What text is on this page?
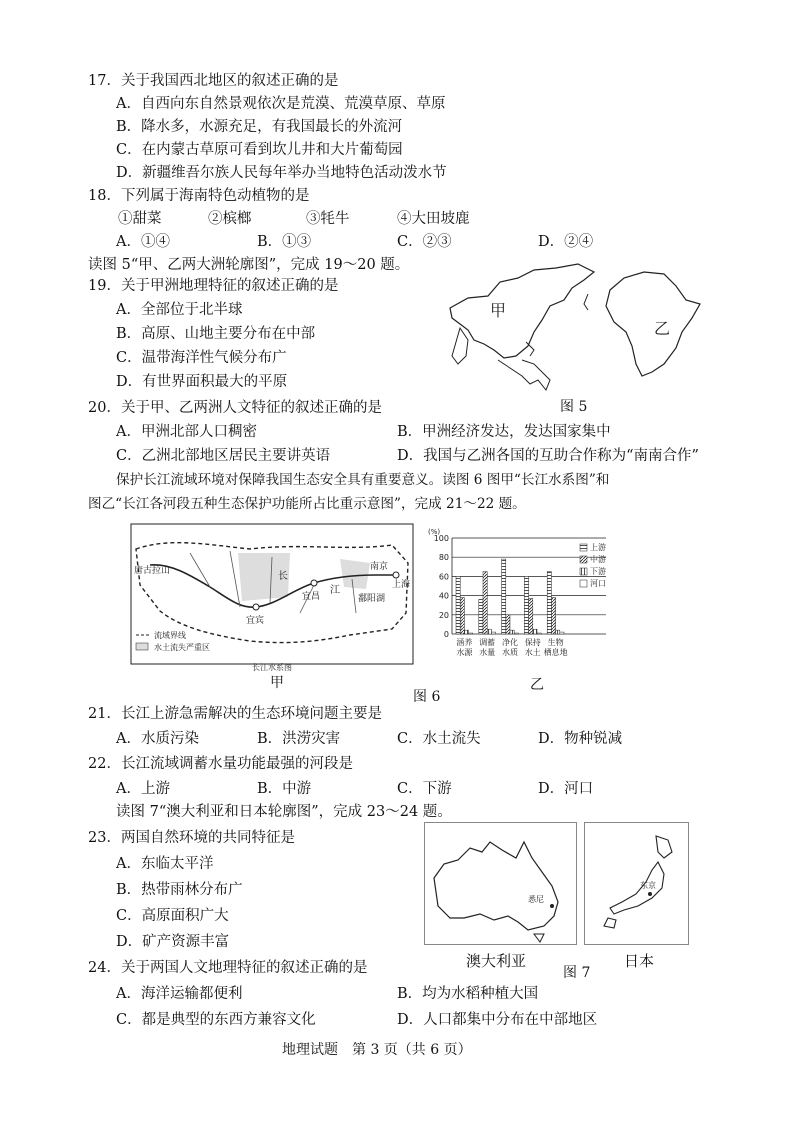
17．关于我国西北地区的叙述正确的是
A．自西向东自然景观依次是荒漠、荒漠草原、草原
B．降水多，水源充足，有我国最长的外流河
C．在内蒙古草原可看到坎儿井和大片葡萄园
D．新疆维吾尔族人民每年举办当地特色活动泼水节
18．下列属于海南特色动植物的是
①甜菜	②槟榔	③牦牛	④大田坡鹿
A．①④	B．①③	C．②③	D．②④
读图 5“甲、乙两大洲轮廓图”，完成 19～20 题。
19．关于甲洲地理特征的叙述正确的是
A．全部位于北半球
B．高原、山地主要分布在中部
C．温带海洋性气候分布广
D．有世界面积最大的平原
甲
乙
图 5
20．关于甲、乙两洲人文特征的叙述正确的是
A．甲洲北部人口稠密	B．甲洲经济发达，发达国家集中
C．乙洲北部地区居民主要讲英语	D．我国与乙洲各国的互助合作称为“南南合作”
保护长江流域环境对保障我国生态安全具有重要意义。读图 6 图甲“长江水系图”和
图乙“长江各河段五种生态保护功能所占比重示意图”，完成 21～22 题。
唐古拉山
宜宾
宜昌
南京
上海
鄱阳湖
长
江
流域界线
水土流失严重区
长江水系图
甲
(%)
0
20
40
60
80
100
涵养
水源
调蓄
水量
净化
水质
保持
水土
生物
栖息地
上游
中游
下游
河口
乙
图 6
21．长江上游急需解决的生态环境问题主要是
A．水质污染	B．洪涝灾害	C．水土流失	D．物种锐减
22．长江流域调蓄水量功能最强的河段是
A．上游	B．中游	C．下游	D．河口
读图 7“澳大利亚和日本轮廓图”，完成 23～24 题。
23．两国自然环境的共同特征是
A．东临太平洋
B．热带雨林分布广
C．高原面积广大
D．矿产资源丰富
悉尼
东京
澳大利亚
图 7
日本
24．关于两国人文地理特征的叙述正确的是
A．海洋运输都便利	B．均为水稻种植大国
C．都是典型的东西方兼容文化	D．人口都集中分布在中部地区
地理试题　第 3 页（共 6 页）
